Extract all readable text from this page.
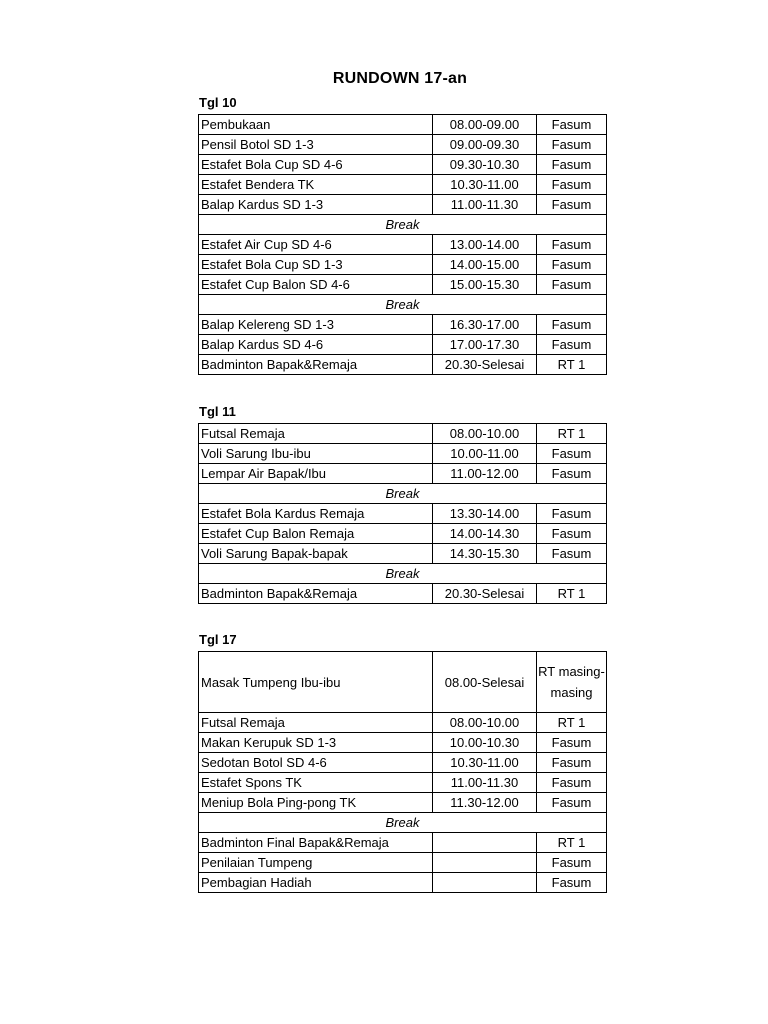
RUNDOWN 17-an
Tgl 10
Pembukaan	08.00-09.00	Fasum
Pensil Botol SD 1-3	09.00-09.30	Fasum
Estafet Bola Cup SD 4-6	09.30-10.30	Fasum
Estafet Bendera TK	10.30-11.00	Fasum
Balap Kardus SD 1-3	11.00-11.30	Fasum
Break		
Estafet Air Cup SD 4-6	13.00-14.00	Fasum
Estafet Bola Cup SD 1-3	14.00-15.00	Fasum
Estafet Cup Balon SD 4-6	15.00-15.30	Fasum
Break		
Balap Kelereng SD 1-3	16.30-17.00	Fasum
Balap Kardus SD 4-6	17.00-17.30	Fasum
Badminton Bapak&Remaja	20.30-Selesai	RT 1
Tgl 11
Futsal Remaja	08.00-10.00	RT 1
Voli Sarung Ibu-ibu	10.00-11.00	Fasum
Lempar Air Bapak/Ibu	11.00-12.00	Fasum
Break		
Estafet Bola Kardus Remaja	13.30-14.00	Fasum
Estafet Cup Balon Remaja	14.00-14.30	Fasum
Voli Sarung Bapak-bapak	14.30-15.30	Fasum
Break		
Badminton Bapak&Remaja	20.30-Selesai	RT 1
Tgl 17
Masak Tumpeng Ibu-ibu	08.00-Selesai	RT masing-masing
Futsal Remaja	08.00-10.00	RT 1
Makan Kerupuk SD 1-3	10.00-10.30	Fasum
Sedotan Botol SD 4-6	10.30-11.00	Fasum
Estafet Spons TK	11.00-11.30	Fasum
Meniup Bola Ping-pong TK	11.30-12.00	Fasum
Break		
Badminton Final Bapak&Remaja		RT 1
Penilaian Tumpeng		Fasum
Pembagian Hadiah		Fasum
